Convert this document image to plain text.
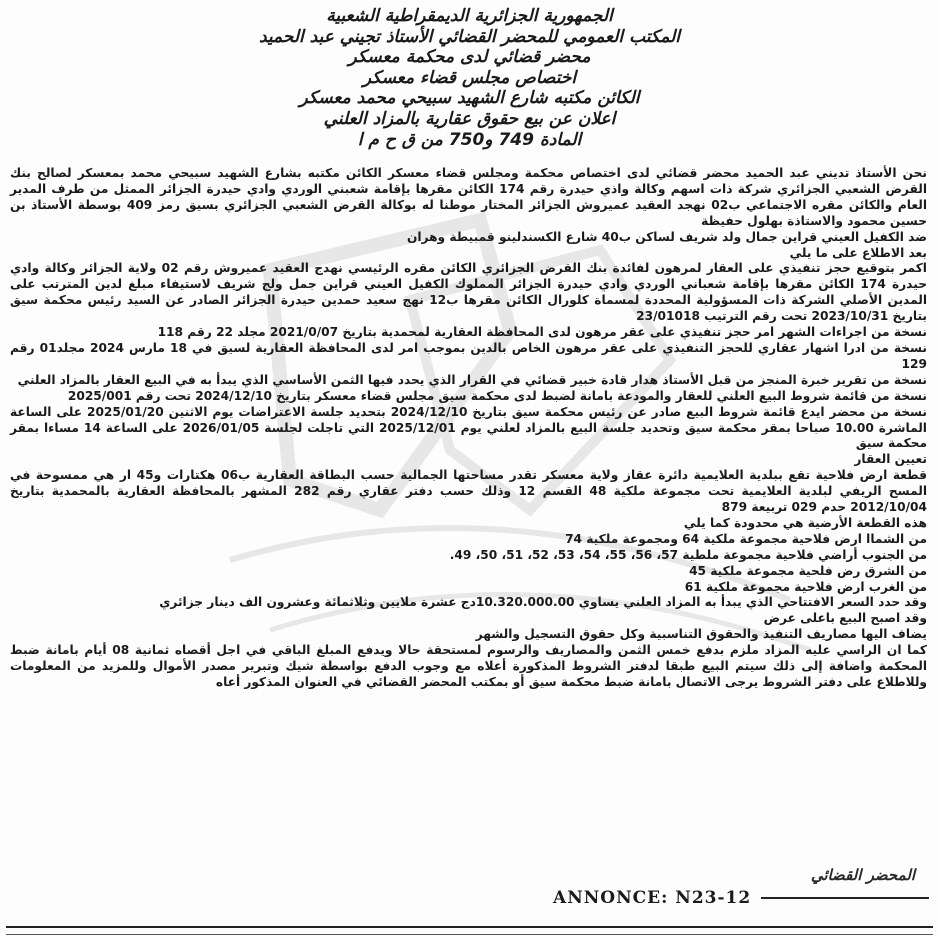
الجمهورية الجزائرية الديمقراطية الشعبية
المكتب العمومي للمحضر القضائي الأستاذ تجيني عبد الحميد
محضر قضائي لدى محكمة معسكر
اختصاص مجلس قضاء معسكر
الكائن مكتبه شارع الشهيد سبيحي محمد معسكر
اعلان عن بيع حقوق عقارية بالمزاد العلني
المادة 749 و750 من ق ح م ا

نحن الأستاذ تديني عبد الحميد محضر قضائي لدى اختصاص محكمة ومجلس قضاء معسكر الكائن مكتبه بشارع الشهيد سبيحي محمد بمعسكر لصالح بنك القرض الشعبي الجزائري شركة ذات اسهم وكالة واذي حيدرة رقم 174 الكائن مقرها بإقامة شعبني الوردي وادي حيدرة الجزائر الممثل من طرف المدير العام والكائن مقره الاجتماعي ب02 نهجد العقيد عميروش الجزائر المختار موطنا له بوكالة القرض الشعبي الجزائري بسيق رمز 409 بوسطة الأستاذ بن حسين محمود والاستاذة بهلول حفيظة

ضد الكفيل العيني قراين جمال ولد شريف لساكن ب40 شارع الكسندلينو قمبيطة وهران

بعد الاطلاع على ما يلي

اكمر بتوقيع حجز تنفيذي على العقار لمرهون لفائدة بنك القرض الجزائري الكائن مقره الرئيسي نهدج العقيد عميروش رقم 02 ولاية الجزائر وكالة وادي حيدرة 174 الكائن مقرها بإقامة شعباني الوردي وادي حيدرة الجزائر المملوك الكفيل العيني قراين جمل ولج شريف لاستيفاء مبلغ لدين المترتب على المدين الأصلي الشركة ذات المسؤولية المحددة لمسماة كلورال الكائن مقرها ب12 نهج سعيد حمدين حيدرة الجزائر الصادر عن السيد رئيس محكمة سيق بتاريخ 2023/10/31 تحت رقم الترتيب 23/01018

نسخة من اجراءات الشهر امر حجز تنفيذي على عقر مرهون لدى المحافظة العقارية لمحمدية بتاريخ 2021/0/07 مجلد 22 رقم 118

نسخة من ادرا اشهار عقاري للحجز التنفيذي على عقر مرهون الخاص بالدين بموجب امر لدى المحافظة العقارية لسيق في 18 مارس 2024 مجلد01 رقم 129

نسخة من تقرير خبرة المنجز من قبل الأستاذ هدار قادة خبير قضائي في القرار الذي يحدد فيها الثمن الأساسي الذي يبدأ به في البيع العقار بالمزاد العلني

نسخة من قائمة شروط البيع العلني للعقار والمودعة بامانة لضبط لدى محكمة سيق مجلس قضاء معسكر بتاريخ 2024/12/10 تحت رقم 2025/001

نسخة من محضر ايدع قائمة شروط البيع صادر عن رئيس محكمة سيق بتاريخ 2024/12/10 بتحديد جلسة الاعتراضات يوم الاثنين 2025/01/20 على الساعة الماشرة 10.00 صباحا بمقر محكمة سيق وتحديد جلسة البيع بالمزاد لعلني يوم 2025/12/01 التي تاجلت لجلسة 2026/01/05 على الساعة 14 مساءا بمقر محكمة سيق

تعيين العقار

قطعة ارض فلاحية تقع ببلدية العلايمية دائرة عقاز ولاية معسكر تقدر مساحتها الجمالية حسب البطاقة العقارية ب06 هكتارات و45 ار هي ممسوحة في المسح الريفي لبلدية العلايمية تحت مجموعة ملكية 48 القسم 12 وذلك حسب دفتر عقاري رقم 282 المشهر بالمحافظة العقارية بالمحمدية بتاريخ 2012/10/04 حدم 029 تربيعة 879

هذه القطعة الأرضية هي محدودة كما يلي

من الشماا ارض فلاحية مجموعة ملكية 64 ومجموعة ملكية 74

من الجنوب أراضي فلاحية مجموعة ملطية 57، 56، 55، 54، 53، 52، 51، 50، 49.

من الشرق رض فلحية مجموعة ملكية 45

من الغرب ارض فلاحية مجموعة ملكية 61

وقد حدد السعر الافتتاحي الذي يبدأ به المزاد العلني يساوي 10.320.000.00دج عشرة ملايين وثلاثمائة وعشرون الف دينار جزائري

وقد اصبح البيع باعلى عرض

يضاف اليها مصاريف التنفيذ والحقوق التناسبية وكل حقوق التسجيل والشهر

كما ان الراسي عليه المزاد ملزم بدفع خمس الثمن والمصاريف والرسوم لمستحقة حالا ويدفع المبلغ الباقي في اجل أقصاه ثمانية 08 أيام بامانة ضبط المحكمة واضافة إلى ذلك سيتم البيع طبقا لدفتر الشروط المذكورة أعلاه مع وجوب الدفع بواسطة شيك وتبرير مصدر الأموال وللمزيد من المعلومات وللاطلاع على دفتر الشروط يرجى الاتصال بامانة ضبط محكمة سيق أو بمكتب المحضر القضائي في العنوان المذكور أعاه

المحضر القضائي
ANNONCE: N23-12
